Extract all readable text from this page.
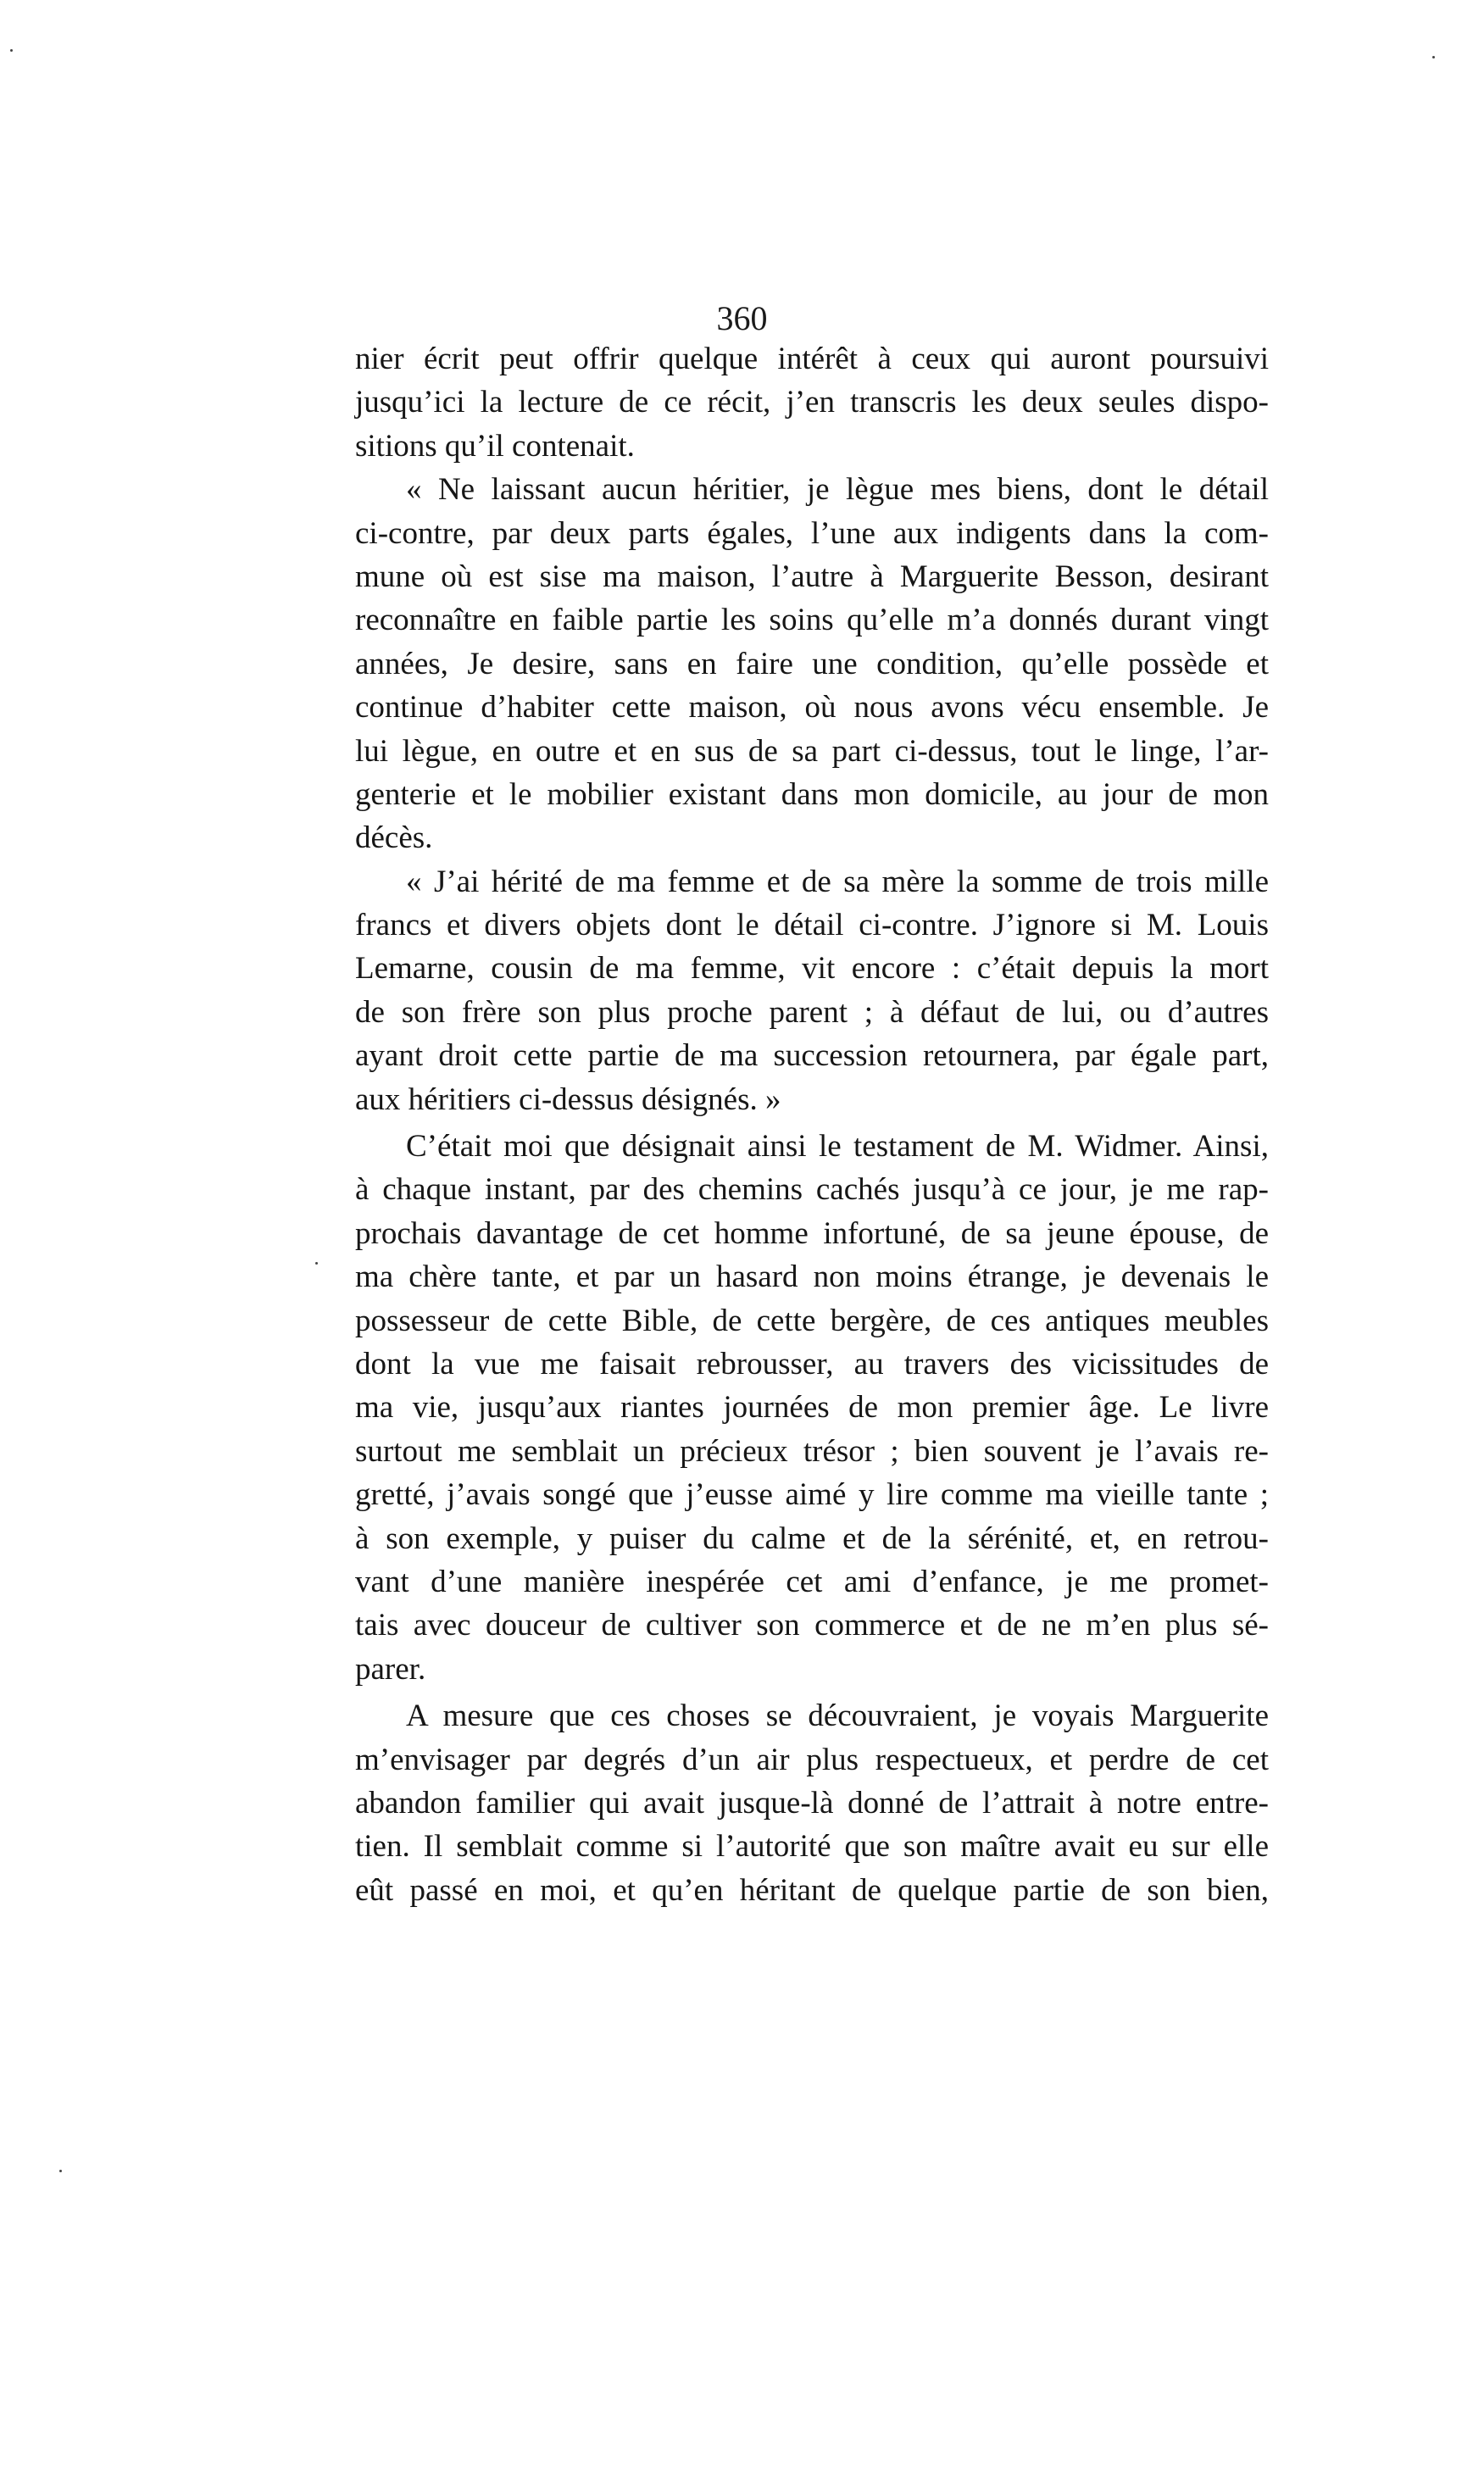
360
nier écrit peut offrir quelque intérêt à ceux qui auront poursuivi
jusqu’ici la lecture de ce récit, j’en transcris les deux seules dispo-
sitions qu’il contenait.
« Ne laissant aucun héritier, je lègue mes biens, dont le détail
ci-contre, par deux parts égales, l’une aux indigents dans la com-
mune où est sise ma maison, l’autre à Marguerite Besson, desirant
reconnaître en faible partie les soins qu’elle m’a donnés durant vingt
années, Je desire, sans en faire une condition, qu’elle possède et
continue d’habiter cette maison, où nous avons vécu ensemble. Je
lui lègue, en outre et en sus de sa part ci-dessus, tout le linge, l’ar-
genterie et le mobilier existant dans mon domicile, au jour de mon
décès.
« J’ai hérité de ma femme et de sa mère la somme de trois mille
francs et divers objets dont le détail ci-contre. J’ignore si M. Louis
Lemarne, cousin de ma femme, vit encore : c’était depuis la mort
de son frère son plus proche parent ; à défaut de lui, ou d’autres
ayant droit cette partie de ma succession retournera, par égale part,
aux héritiers ci-dessus désignés. »
C’était moi que désignait ainsi le testament de M. Widmer. Ainsi,
à chaque instant, par des chemins cachés jusqu’à ce jour, je me rap-
prochais davantage de cet homme infortuné, de sa jeune épouse, de
ma chère tante, et par un hasard non moins étrange, je devenais le
possesseur de cette Bible, de cette bergère, de ces antiques meubles
dont la vue me faisait rebrousser, au travers des vicissitudes de
ma vie, jusqu’aux riantes journées de mon premier âge. Le livre
surtout me semblait un précieux trésor ; bien souvent je l’avais re-
gretté, j’avais songé que j’eusse aimé y lire comme ma vieille tante ;
à son exemple, y puiser du calme et de la sérénité, et, en retrou-
vant d’une manière inespérée cet ami d’enfance, je me promet-
tais avec douceur de cultiver son commerce et de ne m’en plus sé-
parer.
A mesure que ces choses se découvraient, je voyais Marguerite
m’envisager par degrés d’un air plus respectueux, et perdre de cet
abandon familier qui avait jusque-là donné de l’attrait à notre entre-
tien. Il semblait comme si l’autorité que son maître avait eu sur elle
eût passé en moi, et qu’en héritant de quelque partie de son bien,
